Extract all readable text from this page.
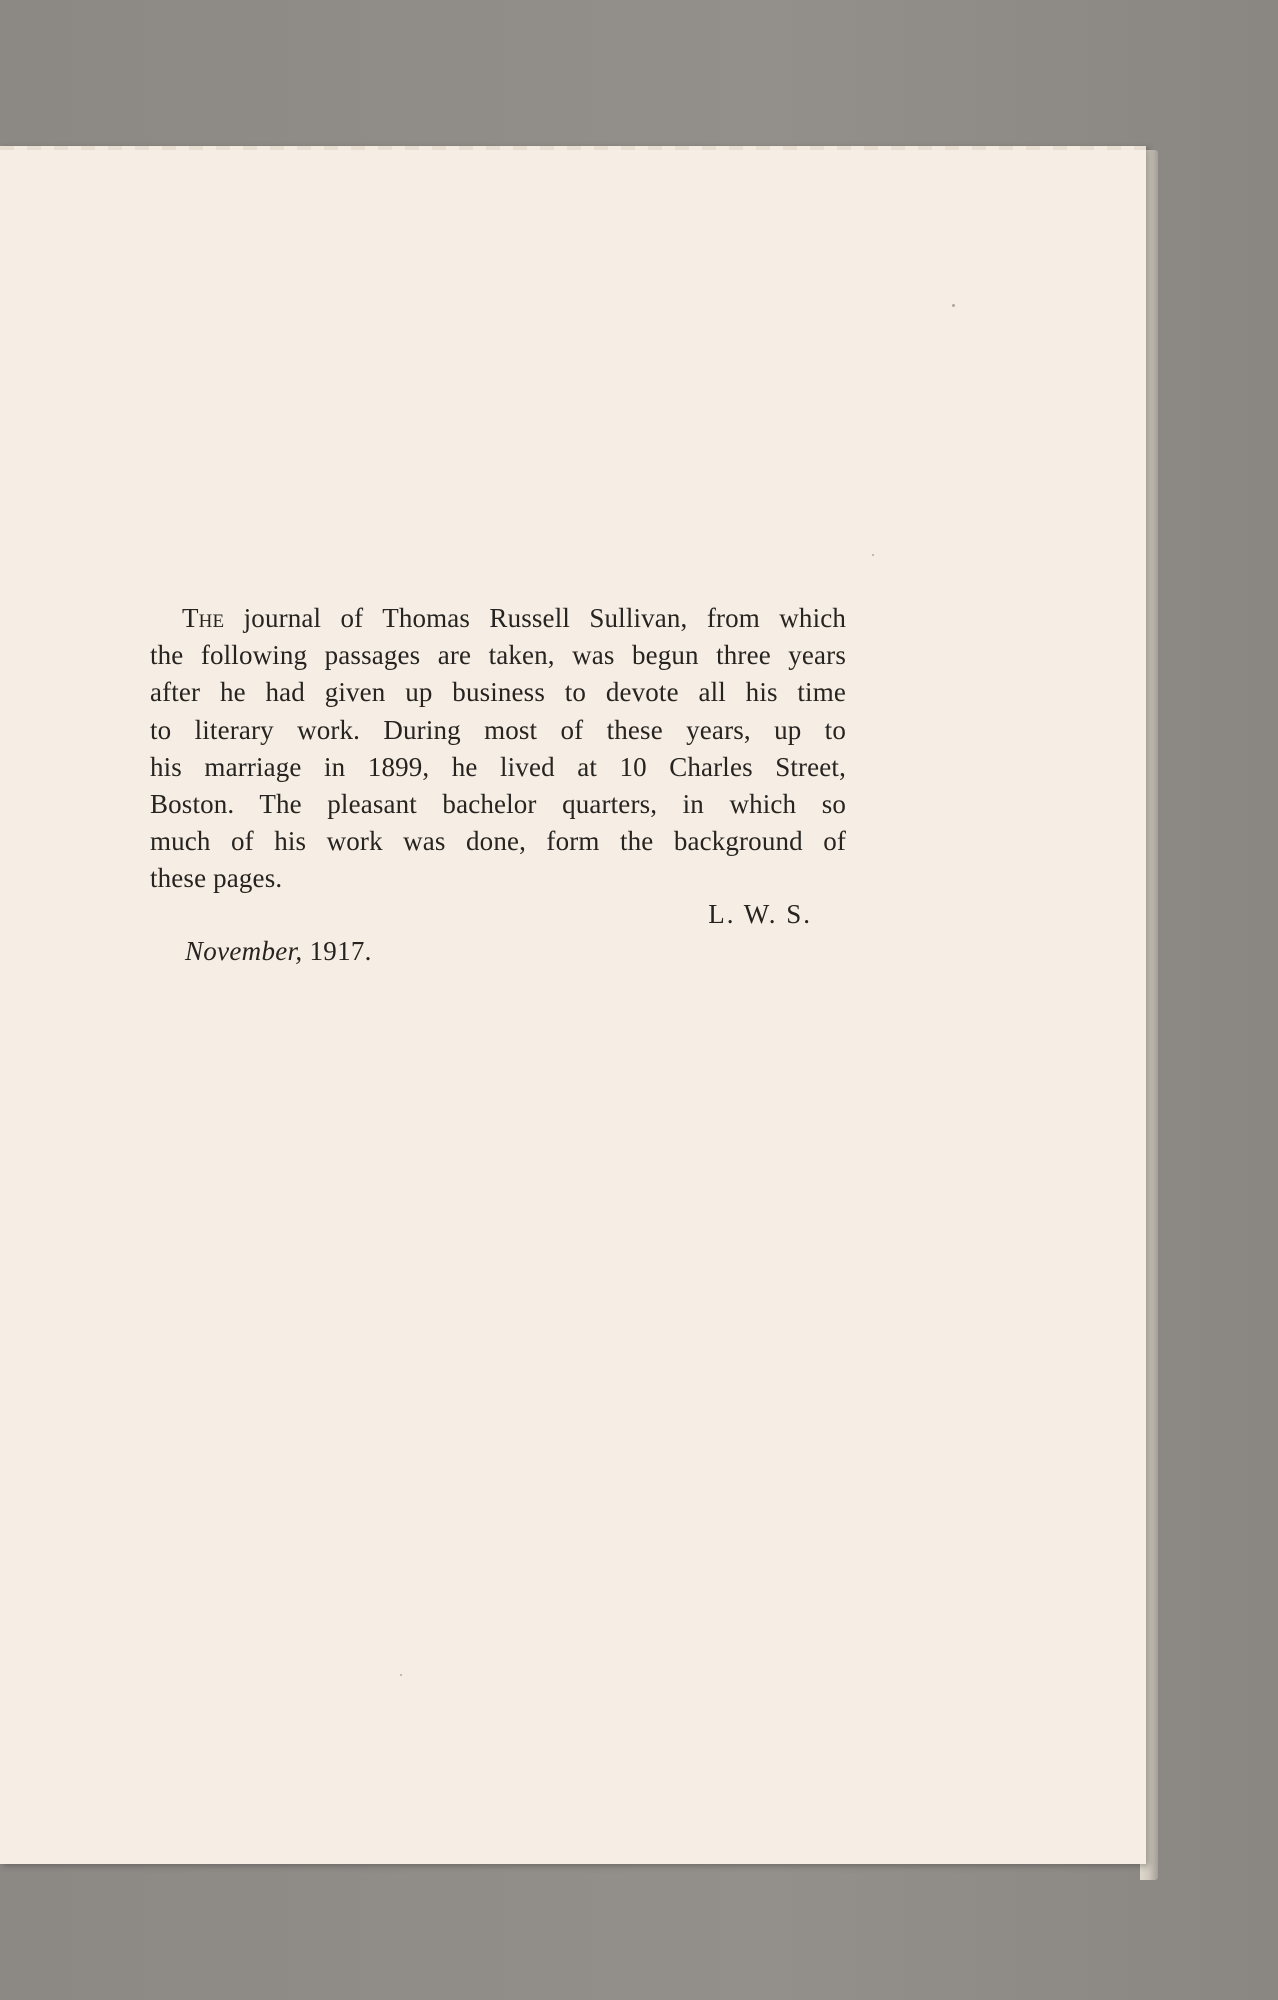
The journal of Thomas Russell Sullivan, from which
the following passages are taken, was begun three years
after he had given up business to devote all his time
to literary work. During most of these years, up to
his marriage in 1899, he lived at 10 Charles Street,
Boston. The pleasant bachelor quarters, in which so
much of his work was done, form the background of
these pages.
L. W. S.
November, 1917.
